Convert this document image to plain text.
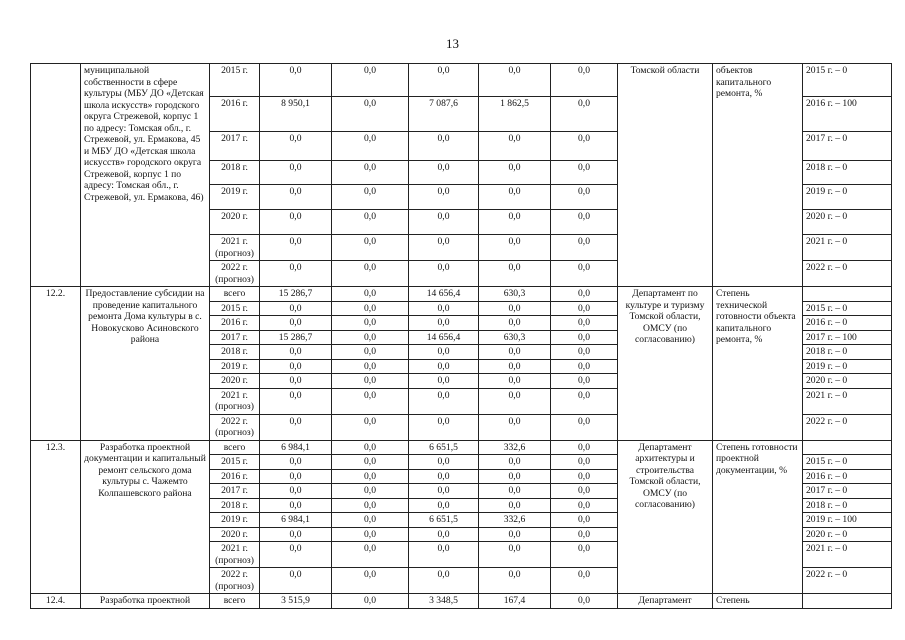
13
	муниципальной собственности в сфере культуры (МБУ ДО «Детская школа искусств» городского округа Стрежевой, корпус 1 по адресу: Томская обл., г. Стрежевой, ул. Ермакова, 45 и МБУ ДО «Детская школа искусств» городского округа Стрежевой, корпус 1 по адресу: Томская обл., г. Стрежевой, ул. Ермакова, 46)	2015 г.	0,0	0,0	0,0	0,0	0,0	Томской области	объектов капитального ремонта, %	2015 г. – 0
		2016 г.	8 950,1	0,0	7 087,6	1 862,5	0,0			2016 г. – 100
		2017 г.	0,0	0,0	0,0	0,0	0,0			2017 г. – 0
		2018 г.	0,0	0,0	0,0	0,0	0,0			2018 г. – 0
		2019 г.	0,0	0,0	0,0	0,0	0,0			2019 г. – 0
		2020 г.	0,0	0,0	0,0	0,0	0,0			2020 г. – 0
		2021 г. (прогноз)	0,0	0,0	0,0	0,0	0,0			2021 г. – 0
		2022 г. (прогноз)	0,0	0,0	0,0	0,0	0,0			2022 г. – 0
12.2.	Предоставление субсидии на проведение капитального ремонта Дома культуры в с. Новокусково Асиновского района	всего	15 286,7	0,0	14 656,4	630,3	0,0	Департамент по культуре и туризму Томской области, ОМСУ (по согласованию)	Степень технической готовности объекта капитального ремонта, %	
		2015 г.	0,0	0,0	0,0	0,0	0,0			2015 г. – 0
		2016 г.	0,0	0,0	0,0	0,0	0,0			2016 г. – 0
		2017 г.	15 286,7	0,0	14 656,4	630,3	0,0			2017 г. – 100
		2018 г.	0,0	0,0	0,0	0,0	0,0			2018 г. – 0
		2019 г.	0,0	0,0	0,0	0,0	0,0			2019 г. – 0
		2020 г.	0,0	0,0	0,0	0,0	0,0			2020 г. – 0
		2021 г. (прогноз)	0,0	0,0	0,0	0,0	0,0			2021 г. – 0
		2022 г. (прогноз)	0,0	0,0	0,0	0,0	0,0			2022 г. – 0
12.3.	Разработка проектной документации и капитальный ремонт сельского дома культуры с. Чажемто Колпашевского района	всего	6 984,1	0,0	6 651,5	332,6	0,0	Департамент архитектуры и строительства Томской области, ОМСУ (по согласованию)	Степень готовности проектной документации, %	
		2015 г.	0,0	0,0	0,0	0,0	0,0			2015 г. – 0
		2016 г.	0,0	0,0	0,0	0,0	0,0			2016 г. – 0
		2017 г.	0,0	0,0	0,0	0,0	0,0			2017 г. – 0
		2018 г.	0,0	0,0	0,0	0,0	0,0			2018 г. – 0
		2019 г.	6 984,1	0,0	6 651,5	332,6	0,0			2019 г. – 100
		2020 г.	0,0	0,0	0,0	0,0	0,0			2020 г. – 0
		2021 г. (прогноз)	0,0	0,0	0,0	0,0	0,0			2021 г. – 0
		2022 г. (прогноз)	0,0	0,0	0,0	0,0	0,0			2022 г. – 0
12.4.	Разработка проектной	всего	3 515,9	0,0	3 348,5	167,4	0,0	Департамент	Степень	
